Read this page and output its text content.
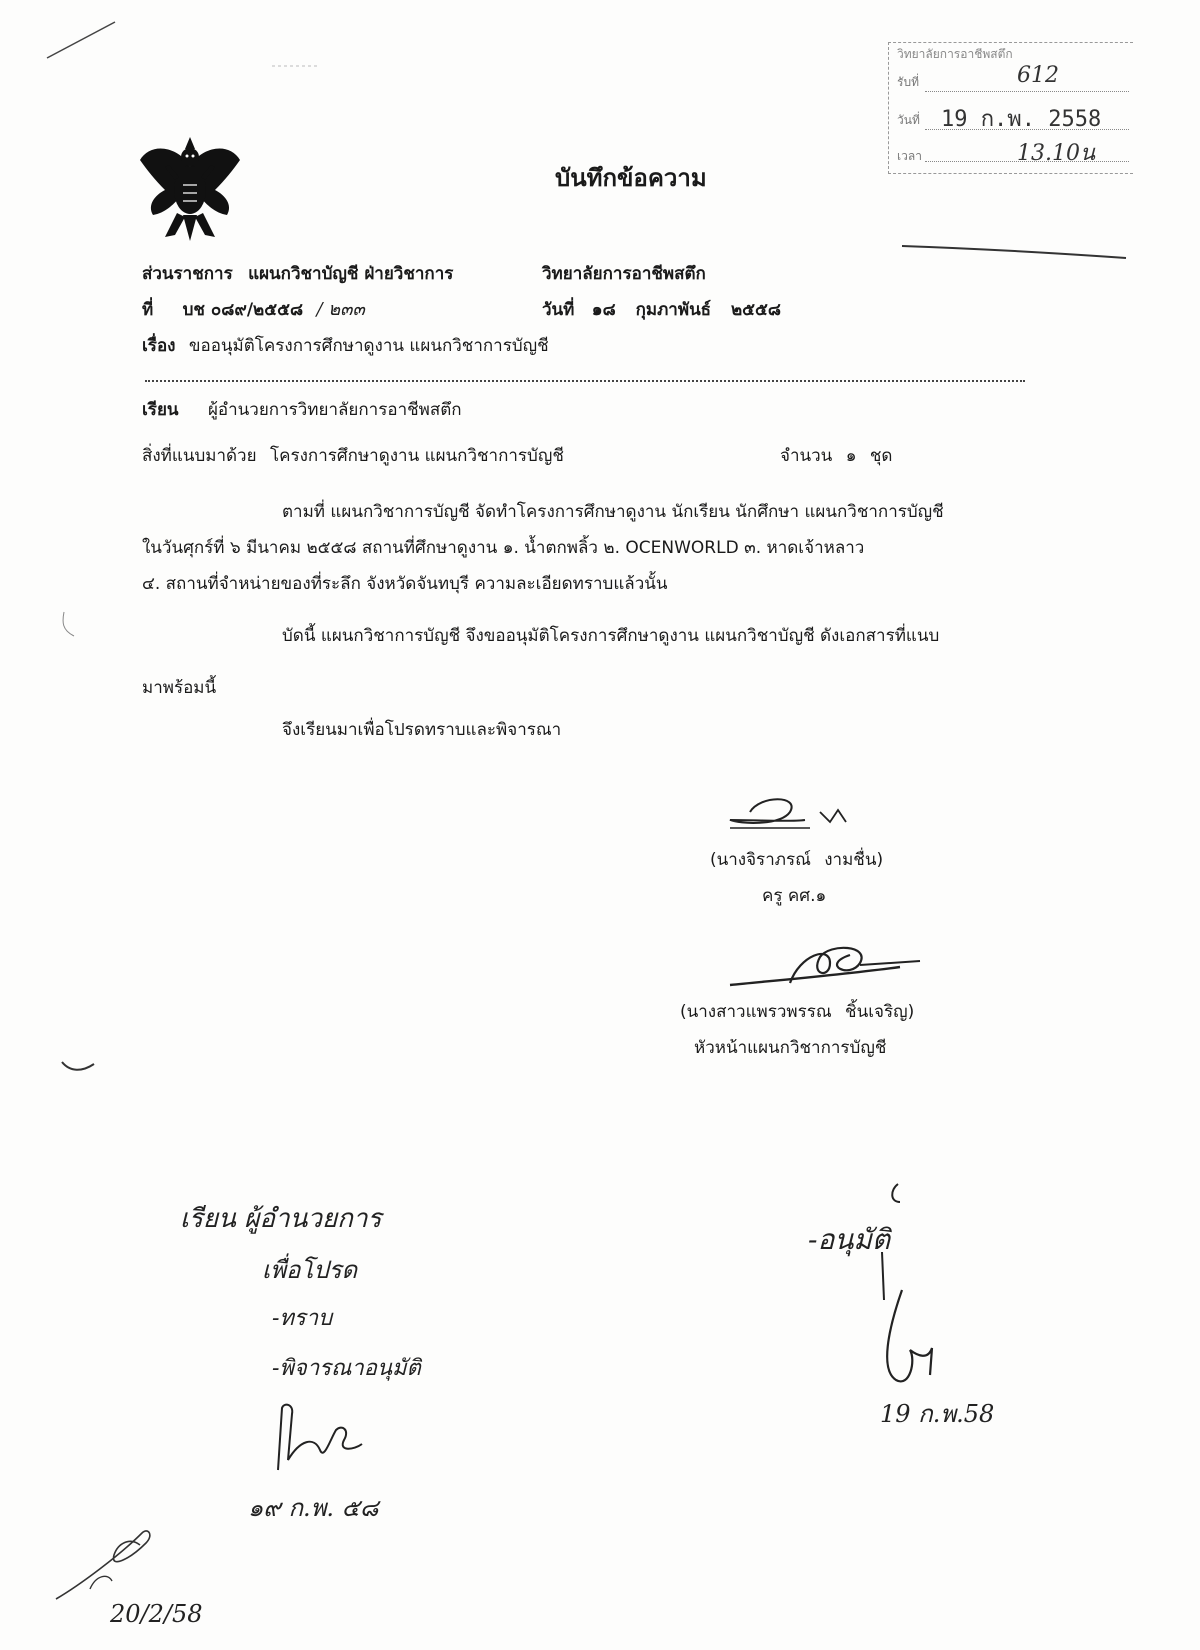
วิทยาลัยการอาชีพสตึก
รับที่	612
วันที่ 19 ก.พ. 2558
เวลา	13.10น
บันทึกข้อความ
ส่วนราชการ แผนกวิชาบัญชี ฝ่ายวิชาการ	วิทยาลัยการอาชีพสตึก
ที่ บช ๐๘๙/๒๕๕๘ / ๒๓๓	วันที่ ๑๘ กุมภาพันธ์ ๒๕๕๘
เรื่อง ขออนุมัติโครงการศึกษาดูงาน แผนกวิชาการบัญชี
เรียน ผู้อำนวยการวิทยาลัยการอาชีพสตึก
สิ่งที่แนบมาด้วย โครงการศึกษาดูงาน แผนกวิชาการบัญชี	จำนวน ๑ ชุด
ตามที่ แผนกวิชาการบัญชี จัดทำโครงการศึกษาดูงาน นักเรียน นักศึกษา แผนกวิชาการบัญชี
ในวันศุกร์ที่ ๖ มีนาคม ๒๕๕๘ สถานที่ศึกษาดูงาน ๑. น้ำตกพลิ้ว ๒. OCENWORLD ๓. หาดเจ้าหลาว
๔. สถานที่จำหน่ายของที่ระลึก จังหวัดจันทบุรี ความละเอียดทราบแล้วนั้น
บัดนี้ แผนกวิชาการบัญชี จึงขออนุมัติโครงการศึกษาดูงาน แผนกวิชาบัญชี ดังเอกสารที่แนบ
มาพร้อมนี้
จึงเรียนมาเพื่อโปรดทราบและพิจารณา
(นางจิราภรณ์ งามชื่น)
ครู คศ.๑
(นางสาวแพรวพรรณ ชิ้นเจริญ)
หัวหน้าแผนกวิชาการบัญชี
เรียน ผู้อำนวยการ
เพื่อโปรด
-ทราบ
-พิจารณาอนุมัติ
๑๙ ก.พ. ๕๘
-อนุมัติ
19 ก.พ.58
20/2/58
